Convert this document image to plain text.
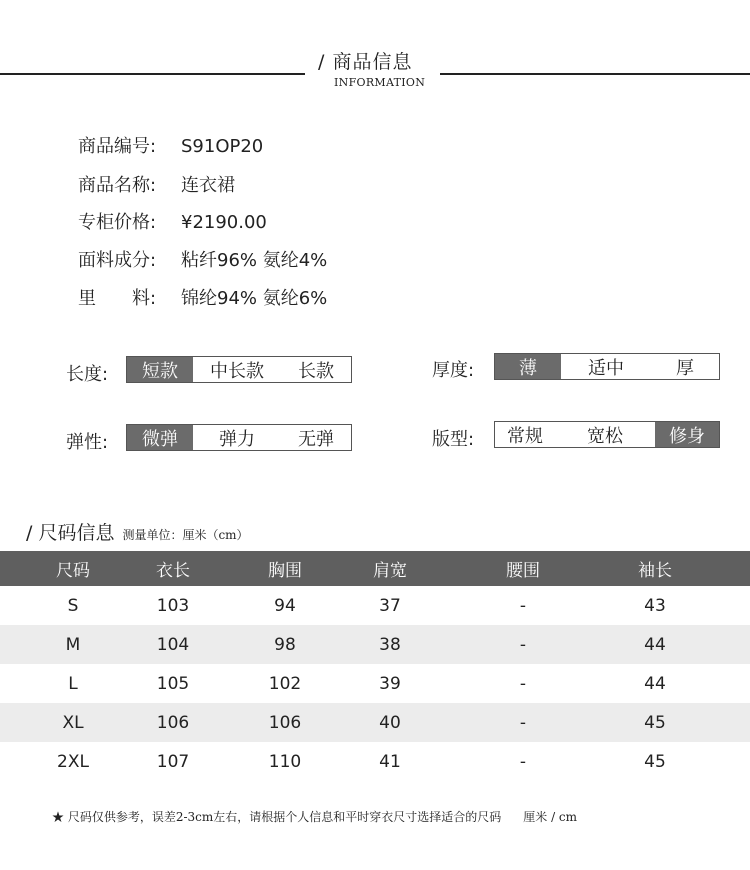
/ 商品信息
INFORMATION
商品编号: S91OP20
商品名称: 连衣裙
专柜价格: ¥2190.00
面料成分: 粘纤96% 氨纶4%
里　　料: 锦纶94% 氨纶6%
长度:	短款	中长款	长款	厚度:	薄	适中	厚
弹性:	微弹	弹力	无弹	版型:	常规	宽松	修身
/ 尺码信息 测量单位：厘米（cm）
尺码	衣长	胸围	肩宽	腰围	袖长
S	103	94	37	-	43
M	104	98	38	-	44
L	105	102	39	-	44
XL	106	106	40	-	45
2XL	107	110	41	-	45
★ 尺码仅供参考，误差2-3cm左右，请根据个人信息和平时穿衣尺寸选择适合的尺码 厘米 / cm
